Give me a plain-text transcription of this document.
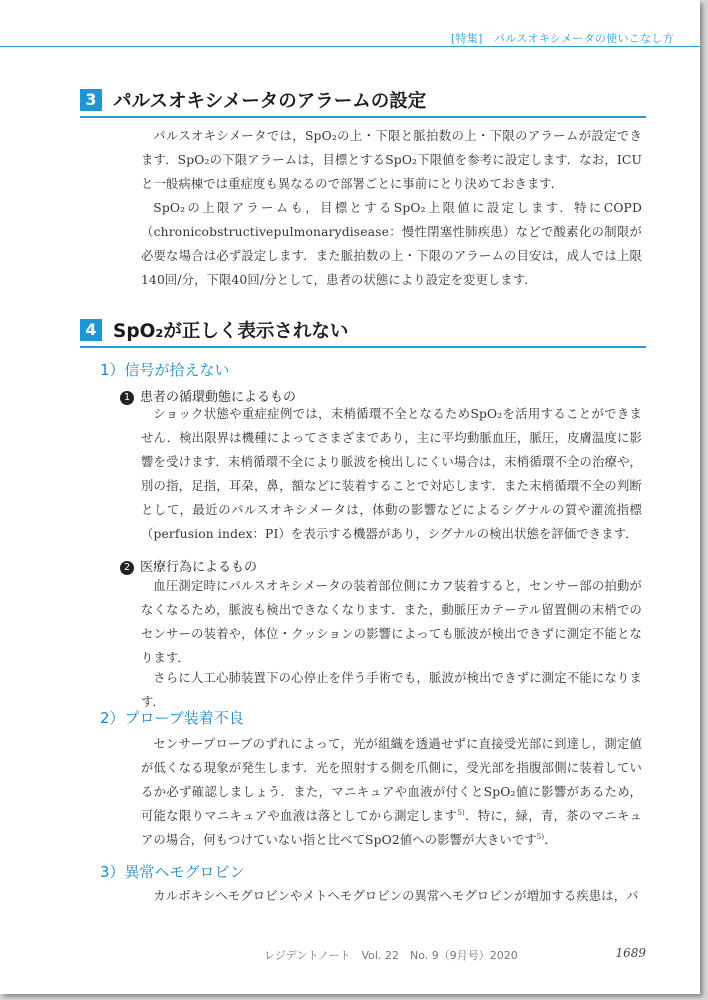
[特集]　パルスオキシメータの使いこなし方
3 パルスオキシメータのアラームの設定

パルスオキシメータでは，SpO₂の上・下限と脈拍数の上・下限のアラームが設定できます．SpO₂の下限アラームは，目標とするSpO₂下限値を参考に設定します．なお，ICUと一般病棟では重症度も異なるので部署ごとに事前にとり決めておきます．

SpO₂の上限アラームも，目標とするSpO₂上限値に設定します．特にCOPD（chronicobstructivepulmonarydisease：慢性閉塞性肺疾患）などで酸素化の制限が必要な場合は必ず設定します．また脈拍数の上・下限のアラームの目安は，成人では上限140回/分，下限40回/分として，患者の状態により設定を変更します．

4 SpO₂が正しく表示されない
1）信号が拾えない
1 患者の循環動態によるもの

ショック状態や重症症例では，末梢循環不全となるためSpO₂を活用することができません．検出限界は機種によってさまざまであり，主に平均動脈血圧，脈圧，皮膚温度に影響を受けます．末梢循環不全により脈波を検出しにくい場合は，末梢循環不全の治療や，別の指，足指，耳朶，鼻，額などに装着することで対応します．また末梢循環不全の判断として，最近のパルスオキシメータは，体動の影響などによるシグナルの質や灌流指標（perfusion index：PI）を表示する機器があり，シグナルの検出状態を評価できます．

2 医療行為によるもの

血圧測定時にパルスオキシメータの装着部位側にカフ装着すると，センサー部の拍動がなくなるため，脈波も検出できなくなります．また，動脈圧カテーテル留置側の末梢でのセンサーの装着や，体位・クッションの影響によっても脈波が検出できずに測定不能となります．

さらに人工心肺装置下の心停止を伴う手術でも，脈波が検出できずに測定不能になります．

2）プローブ装着不良

センサープローブのずれによって，光が組織を透過せずに直接受光部に到達し，測定値が低くなる現象が発生します．光を照射する側を爪側に，受光部を指腹部側に装着しているか必ず確認しましょう．また，マニキュアや血液が付くとSpO₂値に影響があるため，可能な限りマニキュアや血液は落としてから測定します$^{5)}$．特に，緑，青，茶のマニキュアの場合，何もつけていない指と比べてSpO2値への影響が大きいです$^{5)}$．

3）異常ヘモグロビン

カルボキシヘモグロビンやメトヘモグロビンの異常ヘモグロビンが増加する疾患は，パ

レジデントノート　Vol. 22　No. 9（9月号）2020	1689
